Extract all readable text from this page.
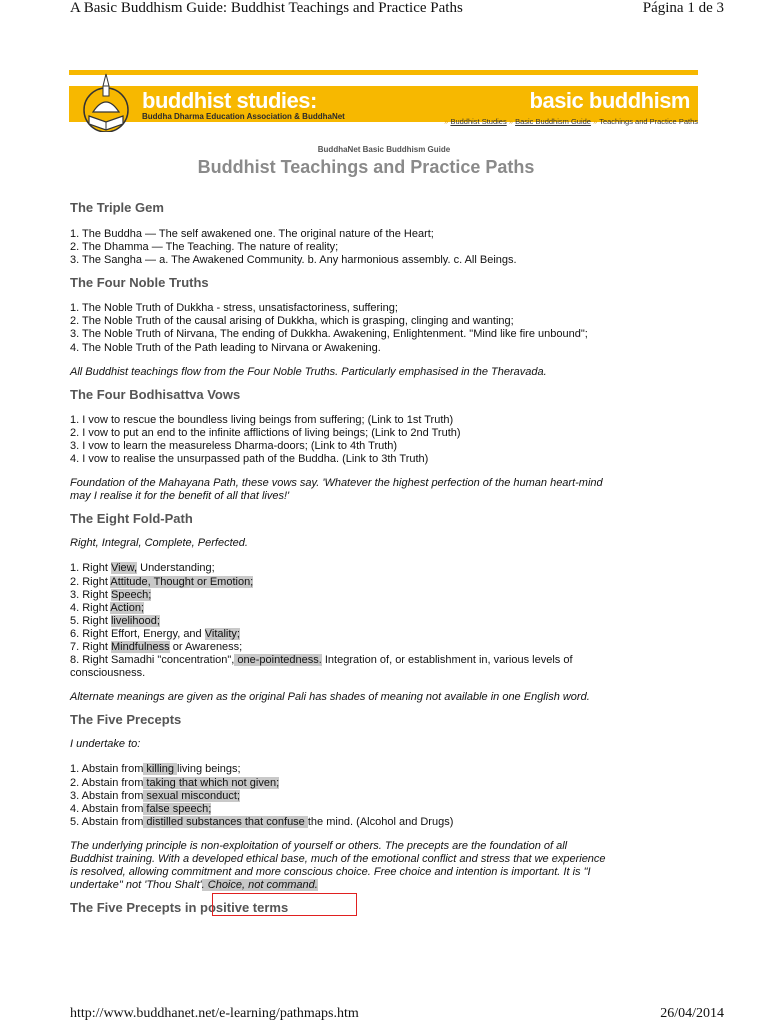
A Basic Buddhism Guide: Buddhist Teachings and Practice Paths	Página 1 de 3
buddhist studies:
Buddha Dharma Education Association & BuddhaNet
basic buddhism
» Buddhist Studies » Basic Buddhism Guide » Teachings and Practice Paths
BuddhaNet Basic Buddhism Guide
Buddhist Teachings and Practice Paths
The Triple Gem
1. The Buddha — The self awakened one. The original nature of the Heart;
2. The Dhamma — The Teaching. The nature of reality;
3. The Sangha — a. The Awakened Community. b. Any harmonious assembly. c. All Beings.
The Four Noble Truths
1. The Noble Truth of Dukkha - stress, unsatisfactoriness, suffering;
2. The Noble Truth of the causal arising of Dukkha, which is grasping, clinging and wanting;
3. The Noble Truth of Nirvana, The ending of Dukkha. Awakening, Enlightenment. "Mind like fire unbound";
4. The Noble Truth of the Path leading to Nirvana or Awakening.

All Buddhist teachings flow from the Four Noble Truths. Particularly emphasised in the Theravada.

The Four Bodhisattva Vows
1. I vow to rescue the boundless living beings from suffering; (Link to 1st Truth)
2. I vow to put an end to the infinite afflictions of living beings; (Link to 2nd Truth)
3. I vow to learn the measureless Dharma-doors; (Link to 4th Truth)
4. I vow to realise the unsurpassed path of the Buddha. (Link to 3th Truth)

Foundation of the Mahayana Path, these vows say. 'Whatever the highest perfection of the human heart-mind
may I realise it for the benefit of all that lives!'

The Eight Fold-Path

Right, Integral, Complete, Perfected.

1. Right View, Understanding;
2. Right Attitude, Thought or Emotion;
3. Right Speech;
4. Right Action;
5. Right livelihood;
6. Right Effort, Energy, and Vitality;
7. Right Mindfulness or Awareness;
8. Right Samadhi "concentration", one-pointedness. Integration of, or establishment in, various levels of
consciousness.

Alternate meanings are given as the original Pali has shades of meaning not available in one English word.

The Five Precepts

I undertake to:

1. Abstain from killing living beings;
2. Abstain from taking that which not given;
3. Abstain from sexual misconduct;
4. Abstain from false speech;
5. Abstain from distilled substances that confuse the mind. (Alcohol and Drugs)

The underlying principle is non-exploitation of yourself or others. The precepts are the foundation of all
Buddhist training. With a developed ethical base, much of the emotional conflict and stress that we experience
is resolved, allowing commitment and more conscious choice. Free choice and intention is important. It is "I
undertake" not 'Thou Shalt'. Choice, not command.

The Five Precepts in positive terms
http://www.buddhanet.net/e-learning/pathmaps.htm	26/04/2014
